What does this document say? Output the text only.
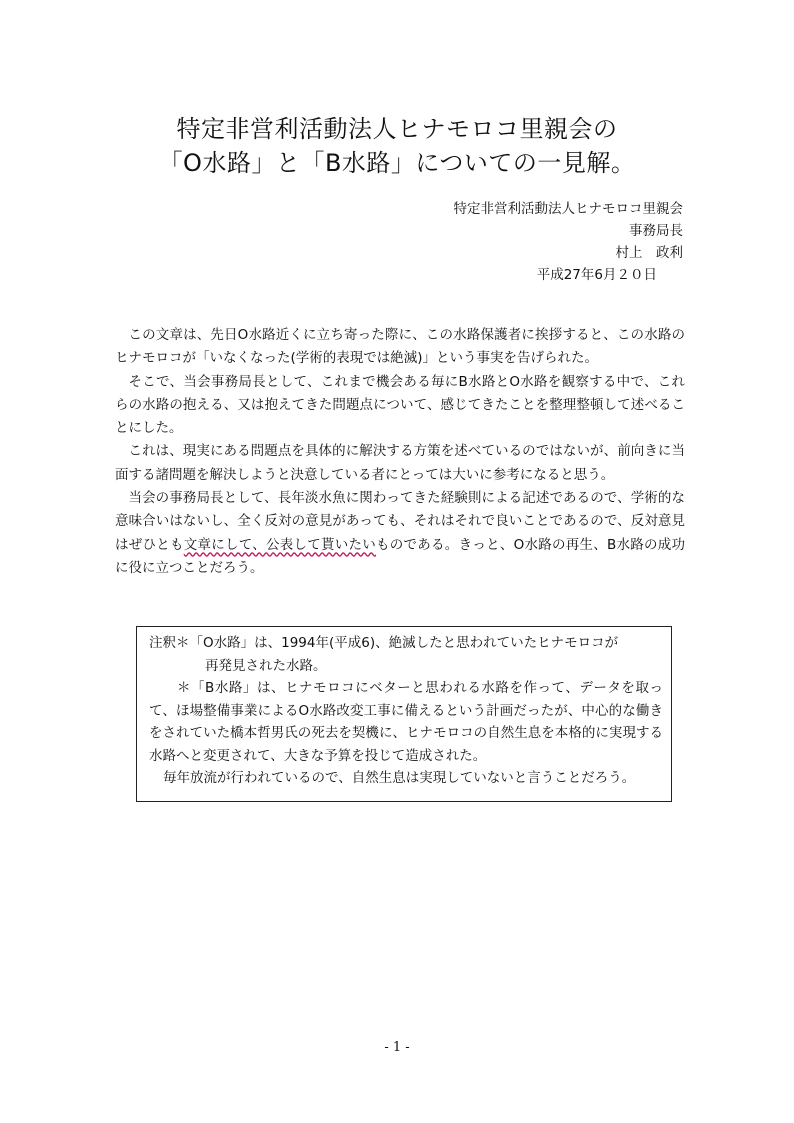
特定非営利活動法人ヒナモロコ里親会の
「O水路」と「B水路」についての一見解。
特定非営利活動法人ヒナモロコ里親会
事務局長
村上　政利
平成27年6月２０日

この文章は、先日O水路近くに立ち寄った際に、この水路保護者に挨拶すると、この水路のヒナモロコが「いなくなった(学術的表現では絶滅)」という事実を告げられた。

そこで、当会事務局長として、これまで機会ある毎にB水路とO水路を観察する中で、これらの水路の抱える、又は抱えてきた問題点について、感じてきたことを整理整頓して述べることにした。

これは、現実にある問題点を具体的に解決する方策を述べているのではないが、前向きに当面する諸問題を解決しようと決意している者にとっては大いに参考になると思う。

当会の事務局長として、長年淡水魚に関わってきた経験則による記述であるので、学術的な意味合いはないし、全く反対の意見があっても、それはそれで良いことであるので、反対意見はぜひとも文章にして、公表して貰いたいものである。きっと、O水路の再生、B水路の成功に役に立つことだろう。

注釈＊「O水路」は、1994年(平成6)、絶滅したと思われていたヒナモロコが

再発見された水路。

＊「B水路」は、ヒナモロコにベターと思われる水路を作って、データを取って、ほ場整備事業によるO水路改変工事に備えるという計画だったが、中心的な働きをされていた橋本哲男氏の死去を契機に、ヒナモロコの自然生息を本格的に実現する水路へと変更されて、大きな予算を投じて造成された。

毎年放流が行われているので、自然生息は実現していないと言うことだろう。

- 1 -
